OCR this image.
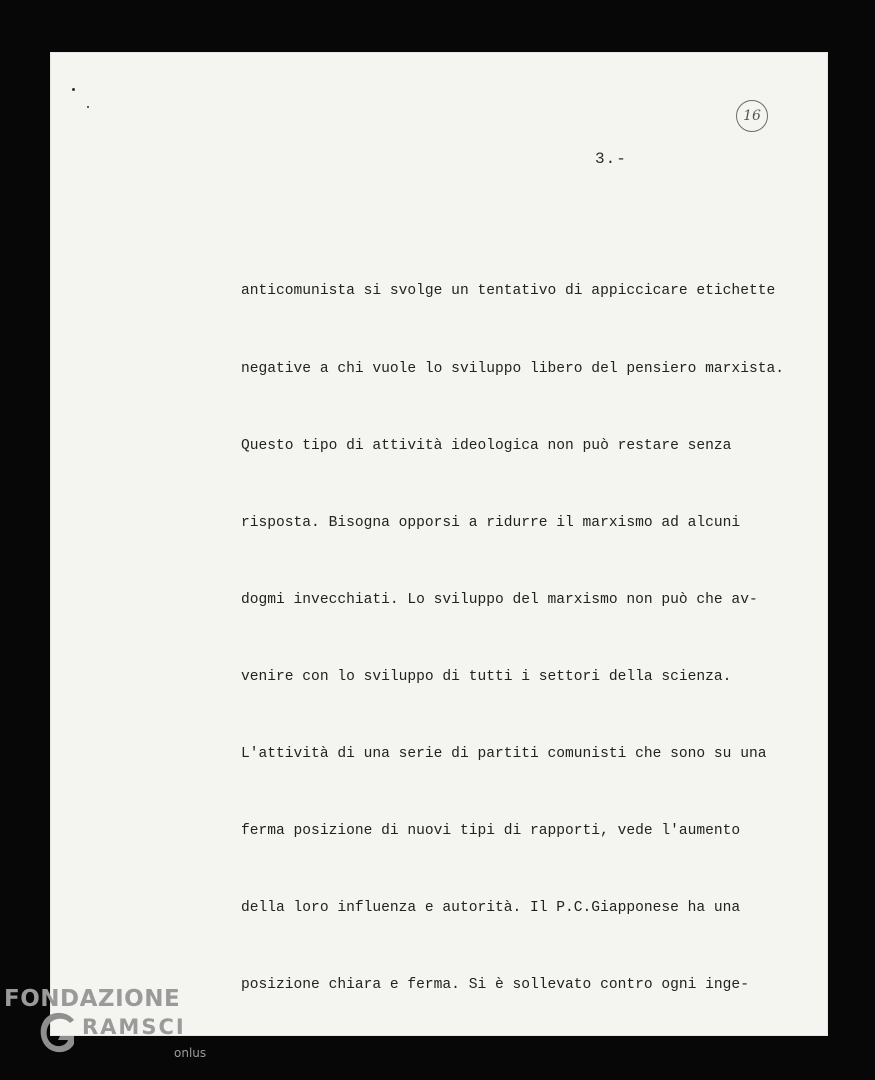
16
3.-

anticomunista si svolge un tentativo di appiccicare etichette

negative a chi vuole lo sviluppo libero del pensiero marxista.

Questo tipo di attività ideologica non può restare senza

risposta. Bisogna opporsi a ridurre il marxismo ad alcuni

dogmi invecchiati. Lo sviluppo del marxismo non può che av-

venire con lo sviluppo di tutti i settori della scienza.

L'attività di una serie di partiti comunisti che sono su una

ferma posizione di nuovi tipi di rapporti, vede l'aumento

della loro influenza e autorità. Il P.C.Giapponese ha una

posizione chiara e ferma. Si è sollevato contro ogni inge-

FONDAZIONE
RAMSCI
onlus
